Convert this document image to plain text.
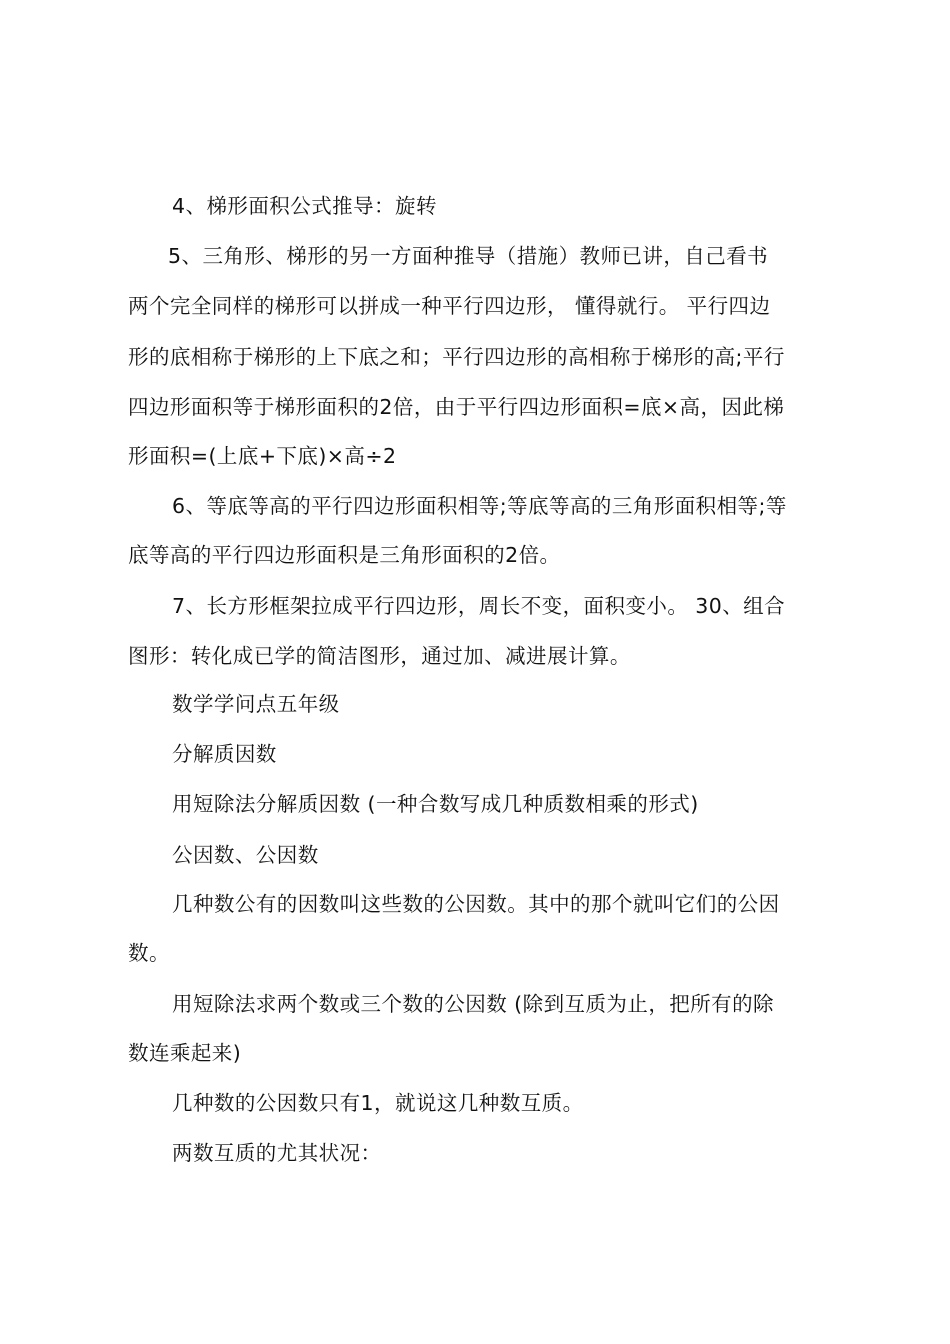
4、梯形面积公式推导：旋转
5、三角形、梯形的另一方面种推导（措施）教师已讲，自己看书
两个完全同样的梯形可以拼成一种平行四边形， 懂得就行。 平行四边
形的底相称于梯形的上下底之和；平行四边形的高相称于梯形的高;平行
四边形面积等于梯形面积的2倍，由于平行四边形面积=底×高，因此梯
形面积=(上底+下底)×高÷2
6、等底等高的平行四边形面积相等;等底等高的三角形面积相等;等
底等高的平行四边形面积是三角形面积的2倍。
7、长方形框架拉成平行四边形，周长不变，面积变小。 30、组合
图形：转化成已学的简洁图形，通过加、减进展计算。
数学学问点五年级
分解质因数
用短除法分解质因数 (一种合数写成几种质数相乘的形式)
公因数、公因数
几种数公有的因数叫这些数的公因数。其中的那个就叫它们的公因
数。
用短除法求两个数或三个数的公因数 (除到互质为止，把所有的除
数连乘起来)
几种数的公因数只有1，就说这几种数互质。
两数互质的尤其状况：
